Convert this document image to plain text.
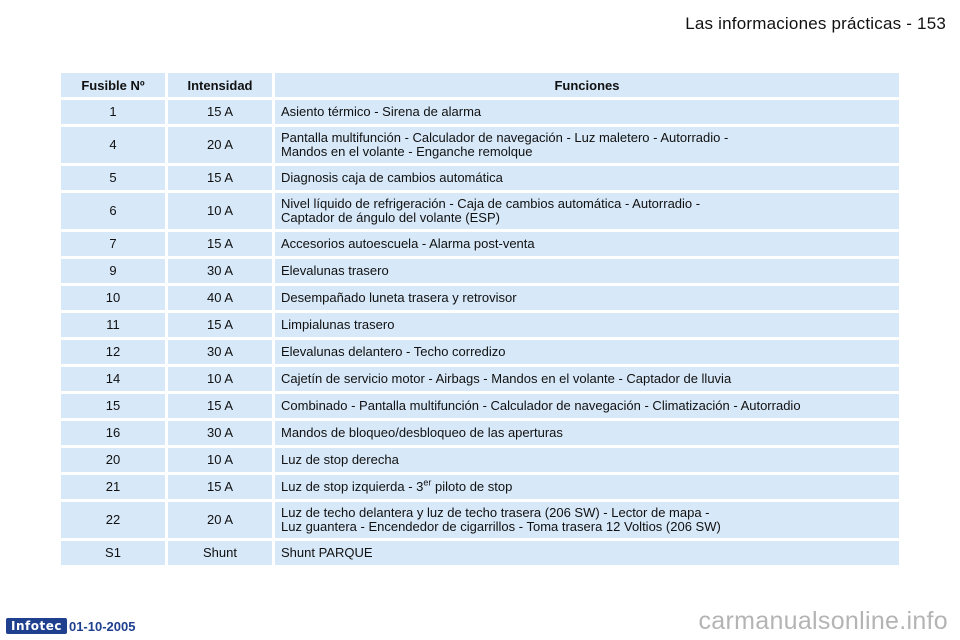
Las informaciones prácticas - 153
Fusible Nº	Intensidad	Funciones
1	15 A	Asiento térmico - Sirena de alarma

4	20 A	Pantalla multifunción - Calculador de navegación - Luz maletero - Autorradio -
Mandos en el volante - Enganche remolque

5	15 A	Diagnosis caja de cambios automática

6	10 A	Nivel líquido de refrigeración - Caja de cambios automática - Autorradio -
Captador de ángulo del volante (ESP)

7	15 A	Accesorios autoescuela - Alarma post-venta

9	30 A	Elevalunas trasero

10	40 A	Desempañado luneta trasera y retrovisor

11	15 A	Limpialunas trasero

12	30 A	Elevalunas delantero - Techo corredizo

14	10 A	Cajetín de servicio motor - Airbags - Mandos en el volante - Captador de lluvia

15	15 A	Combinado - Pantalla multifunción - Calculador de navegación - Climatización - Autorradio

16	30 A	Mandos de bloqueo/desbloqueo de las aperturas

20	10 A	Luz de stop derecha

21	15 A	Luz de stop izquierda - 3er piloto de stop
22	20 A	Luz de techo delantera y luz de techo trasera (206 SW) - Lector de mapa -
Luz guantera - Encendedor de cigarrillos - Toma trasera 12 Voltios (206 SW)

S1	Shunt	Shunt PARQUE
Infotec 01-10-2005	carmanualsonline.info
